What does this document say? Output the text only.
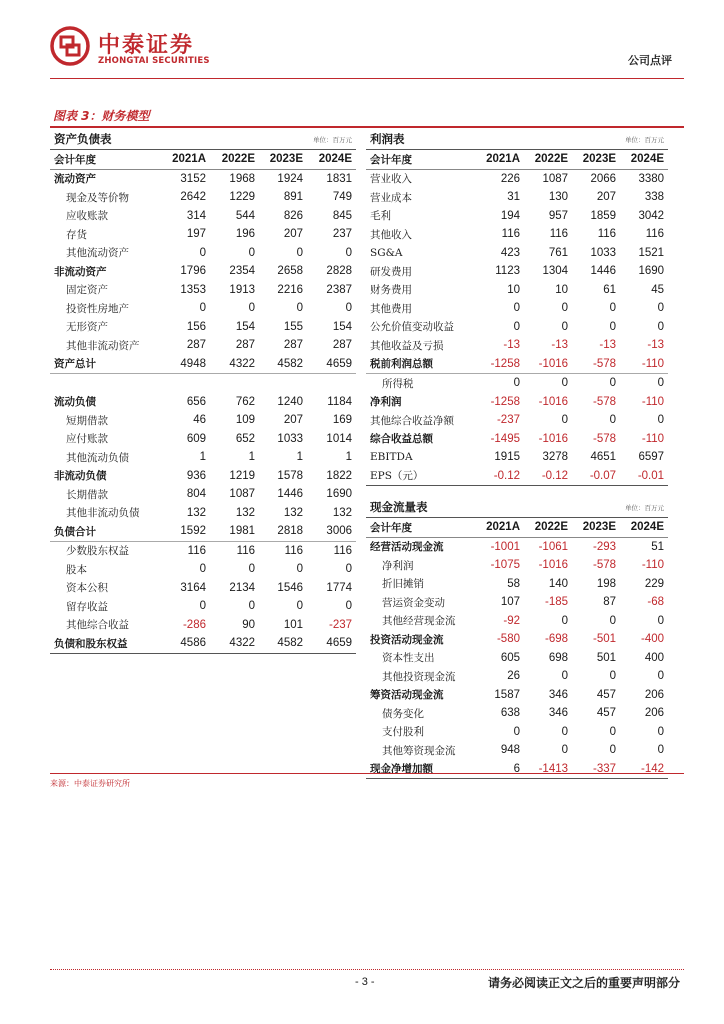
中泰证券
ZHONGTAI SECURITIES	公司点评
图表 3：财务模型
资产负债表			单位：百万元	
会计年度	2021A	2022E	2023E	2024E
流动资产	3152	1968	1924	1831
现金及等价物	2642	1229	891	749
应收账款	314	544	826	845
存货	197	196	207	237
其他流动资产	0	0	0	0
非流动资产	1796	2354	2658	2828
固定资产	1353	1913	2216	2387
投资性房地产	0	0	0	0
无形资产	156	154	155	154
其他非流动资产	287	287	287	287
资产总计	4948	4322	4582	4659

流动负债	656	762	1240	1184
短期借款	46	109	207	169
应付账款	609	652	1033	1014
其他流动负债	1	1	1	1
非流动负债	936	1219	1578	1822
长期借款	804	1087	1446	1690
其他非流动负债	132	132	132	132
负债合计	1592	1981	2818	3006
少数股东权益	116	116	116	116
股本	0	0	0	0
资本公积	3164	2134	1546	1774
留存收益	0	0	0	0
其他综合收益	-286	90	101	-237
负债和股东权益	4586	4322	4582	4659
利润表			单位：百万元	
会计年度	2021A	2022E	2023E	2024E
营业收入	226	1087	2066	3380
营业成本	31	130	207	338
毛利	194	957	1859	3042
其他收入	116	116	116	116
SG&A	423	761	1033	1521
研发费用	1123	1304	1446	1690
财务费用	10	10	61	45
其他费用	0	0	0	0
公允价值变动收益	0	0	0	0
其他收益及亏损	-13	-13	-13	-13
税前利润总额	-1258	-1016	-578	-110
所得税	0	0	0	0
净利润	-1258	-1016	-578	-110
其他综合收益净额	-237	0	0	0
综合收益总额	-1495	-1016	-578	-110
EBITDA	1915	3278	4651	6597
EPS（元）	-0.12	-0.12	-0.07	-0.01
现金流量表			单位：百万元	
会计年度	2021A	2022E	2023E	2024E
经营活动现金流	-1001	-1061	-293	51
净利润	-1075	-1016	-578	-110
折旧摊销	58	140	198	229
营运资金变动	107	-185	87	-68
其他经营现金流	-92	0	0	0
投资活动现金流	-580	-698	-501	-400
资本性支出	605	698	501	400
其他投资现金流	26	0	0	0
筹资活动现金流	1587	346	457	206
债务变化	638	346	457	206
支付股利	0	0	0	0
其他筹资现金流	948	0	0	0
现金净增加额	6	-1413	-337	-142
来源：中泰证券研究所
- 3 -	请务必阅读正文之后的重要声明部分
